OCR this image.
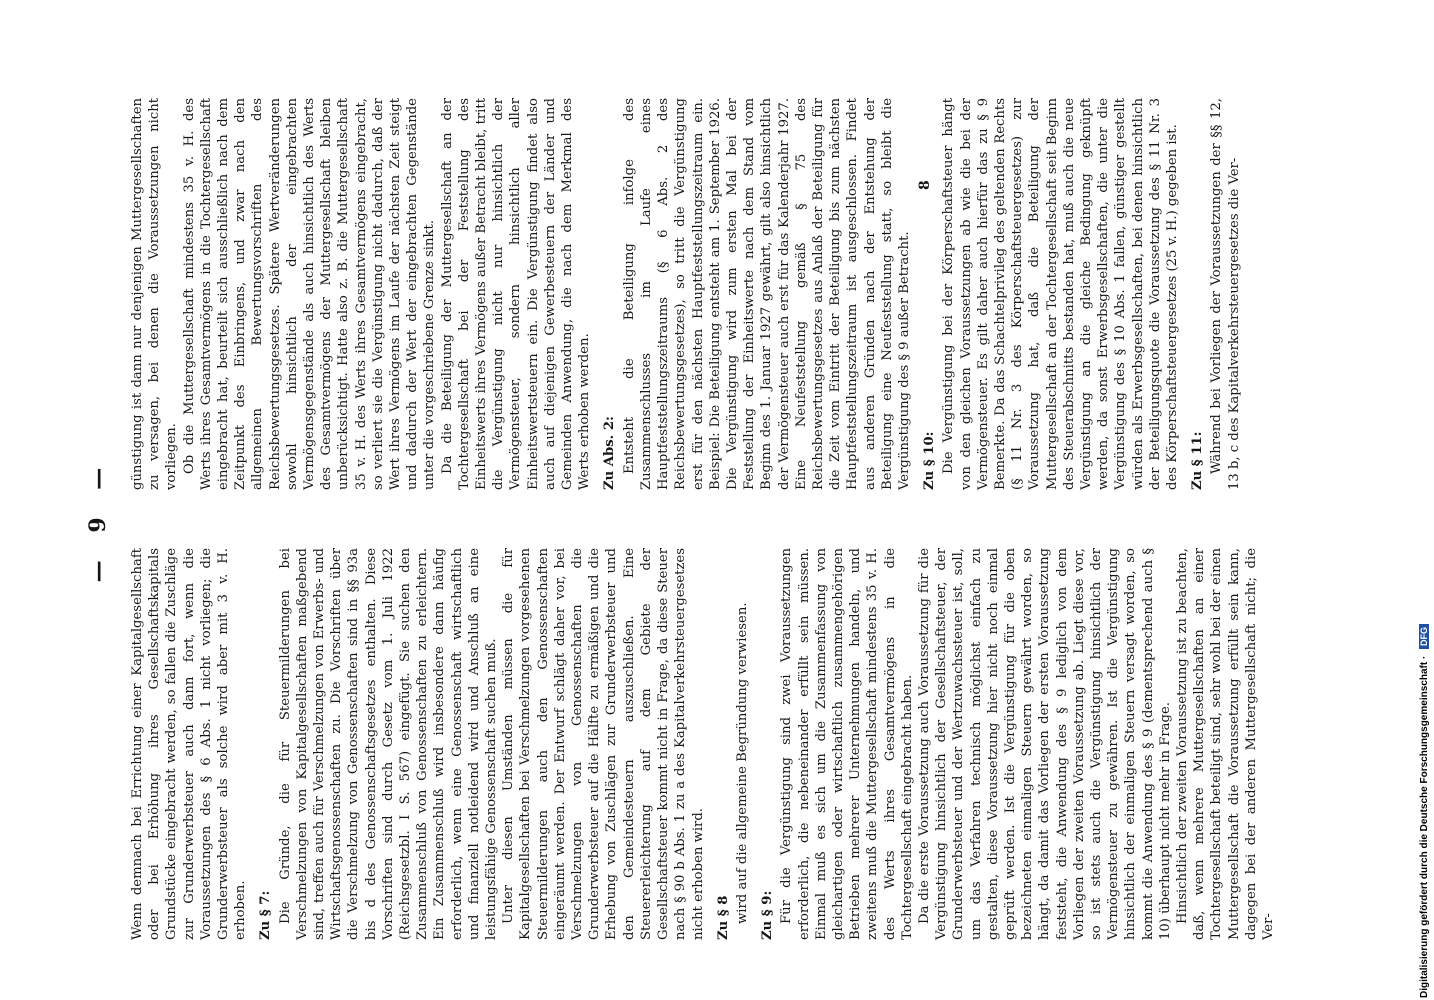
— 9 —

Wenn demnach bei Errichtung einer Kapitalgesellschaft oder bei Erhöhung ihres Gesellschaftskapitals Grundstücke eingebracht werden, so fallen die Zuschläge zur Grunderwerbsteuer auch dann fort, wenn die Voraussetzungen des § 6 Abs. 1 nicht vorliegen; die Grunderwerbsteuer als solche wird aber mit 3 v. H. erhoben. Zu § 7: Die Gründe, die für Steuermilderungen bei Verschmelzungen von Kapitalgesellschaften maßgebend sind, treffen auch für Verschmelzungen von Erwerbs- und Wirtschaftsgenossenschaften zu. Die Vorschriften über die Verschmelzung von Genossenschaften sind in §§ 93a bis d des Genossenschaftsgesetzes enthalten. Diese Vorschriften sind durch Gesetz vom 1. Juli 1922 (Reichsgesetzbl. I S. 567) eingefügt. Sie suchen den Zusammenschluß von Genossenschaften zu erleichtern. Ein Zusammenschluß wird insbesondere dann häufig erforderlich, wenn eine Genossenschaft wirtschaftlich und finanziell notleidend wird und Anschluß an eine leistungsfähige Genossenschaft suchen muß. Unter diesen Umständen müssen die für Kapitalgesellschaften bei Verschmelzungen vorgesehenen Steuermilderungen auch den Genossenschaften eingeräumt werden. Der Entwurf schlägt daher vor, bei Verschmelzungen von Genossenschaften die Grunderwerbsteuer auf die Hälfte zu ermäßigen und die Erhebung von Zuschlägen zur Grunderwerbsteuer und den Gemeindesteuern auszuschließen. Eine Steuererleichterung auf dem Gebiete der Gesellschaftsteuer kommt nicht in Frage, da diese Steuer nach § 90 b Abs. 1 zu a des Kapitalverkehrsteuergesetzes nicht erhoben wird. Zu § 8 wird auf die allgemeine Begründung verwiesen. Zu § 9: Für die Vergünstigung sind zwei Voraussetzungen erforderlich, die nebeneinander erfüllt sein müssen. Einmal muß es sich um die Zusammenfassung von gleichartigen oder wirtschaftlich zusammengehörigen Betrieben mehrerer Unternehmungen handeln, und zweitens muß die Muttergesellschaft mindestens 35 v. H. des Werts ihres Gesamtvermögens in die Tochtergesellschaft eingebracht haben. Da die erste Voraussetzung auch Voraussetzung für die Vergünstigung hinsichtlich der Gesellschaftsteuer, der Grunderwerbsteuer und der Wertzuwachssteuer ist, soll, um das Verfahren technisch möglichst einfach zu gestalten, diese Voraussetzung hier nicht noch einmal geprüft werden. Ist die Vergünstigung für die oben bezeichneten einmaligen Steuern gewährt worden, so hängt, da damit das Vorliegen der ersten Voraussetzung feststeht, die Anwendung des § 9 lediglich von dem Vorliegen der zweiten Voraussetzung ab. Liegt diese vor, so ist stets auch die Vergünstigung hinsichtlich der Vermögensteuer zu gewähren. Ist die Vergünstigung hinsichtlich der einmaligen Steuern versagt worden, so kommt die Anwendung des § 9 (dementsprechend auch § 10) überhaupt nicht mehr in Frage. Hinsichtlich der zweiten Voraussetzung ist zu beachten, daß, wenn mehrere Muttergesellschaften an einer Tochtergesellschaft beteiligt sind, sehr wohl bei der einen Muttergesellschaft die Voraussetzung erfüllt sein kann, dagegen bei der anderen Muttergesellschaft nicht; die Ver-

günstigung ist dann nur denjenigen Muttergesellschaften zu versagen, bei denen die Voraussetzungen nicht vorliegen. Ob die Muttergesellschaft mindestens 35 v. H. des Werts ihres Gesamtvermögens in die Tochtergesellschaft eingebracht hat, beurteilt sich ausschließlich nach dem Zeitpunkt des Einbringens, und zwar nach den allgemeinen Bewertungsvorschriften des Reichsbewertungsgesetzes. Spätere Wertveränderungen sowohl hinsichtlich der eingebrachten Vermögensgegenstände als auch hinsichtlich des Werts des Gesamtvermögens der Muttergesellschaft bleiben unberücksichtigt. Hatte also z. B. die Muttergesellschaft 35 v. H. des Werts ihres Gesamtvermögens eingebracht, so verliert sie die Vergünstigung nicht dadurch, daß der Wert ihres Vermögens im Laufe der nächsten Zeit steigt und dadurch der Wert der eingebrachten Gegenstände unter die vorgeschriebene Grenze sinkt. Da die Beteiligung der Muttergesellschaft an der Tochtergesellschaft bei der Feststellung des Einheitswerts ihres Vermögens außer Betracht bleibt, tritt die Vergünstigung nicht nur hinsichtlich der Vermögensteuer, sondern hinsichtlich aller Einheitswertsteuern ein. Die Vergünstigung findet also auch auf diejenigen Gewerbesteuern der Länder und Gemeinden Anwendung, die nach dem Merkmal des Werts erhoben werden. Zu Abs. 2: Entsteht die Beteiligung infolge des Zusammenschlusses im Laufe eines Hauptfeststellungszeitraums (§ 6 Abs. 2 des Reichsbewertungsgesetzes), so tritt die Vergünstigung erst für den nächsten Hauptfeststellungszeitraum ein. Beispiel: Die Beteiligung entsteht am 1. September 1926. Die Vergünstigung wird zum ersten Mal bei der Feststellung der Einheitswerte nach dem Stand vom Beginn des 1. Januar 1927 gewährt, gilt also hinsichtlich der Vermögensteuer auch erst für das Kalenderjahr 1927. Eine Neufeststellung gemäß § 75 des Reichsbewertungsgesetzes aus Anlaß der Beteiligung für die Zeit vom Eintritt der Beteiligung bis zum nächsten Hauptfeststellungszeitraum ist ausgeschlossen. Findet aus anderen Gründen nach der Entstehung der Beteiligung eine Neufeststellung statt, so bleibt die Vergünstigung des § 9 außer Betracht. Zu § 10: Die Vergünstigung bei der Körperschaftsteuer hängt von den gleichen Voraussetzungen ab wie die bei der Vermögensteuer. Es gilt daher auch hierfür das zu § 9 Bemerkte. Da das Schachtelprivileg des geltenden Rechts (§ 11 Nr. 3 des Körperschaftsteuergesetzes) zur Voraussetzung hat, daß die Beteiligung der Muttergesellschaft an der Tochtergesellschaft seit Beginn des Steuerabschnitts bestanden hat, muß auch die neue Vergünstigung an die gleiche Bedingung geknüpft werden, da sonst Erwerbsgesellschaften, die unter die Vergünstigung des § 10 Abs. 1 fallen, günstiger gestellt würden als Erwerbsgesellschaften, bei denen hinsichtlich der Beteiligungsquote die Voraussetzung des § 11 Nr. 3 des Körperschaftsteuergesetzes (25 v. H.) gegeben ist. Zu § 11: Während bei Vorliegen der Voraussetzungen der §§ 12, 13 b, c des Kapitalverkehrsteuergesetzes die Ver-

8
Digitalisierung gefördert durch die Deutsche Forschungsgemeinschaft · DFG
